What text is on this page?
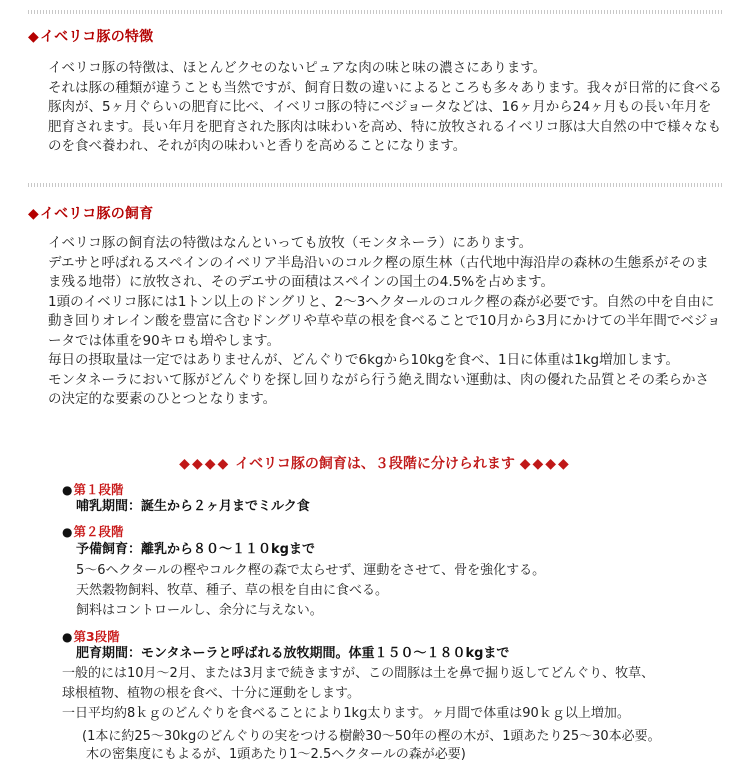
◆イベリコ豚の特徴

イベリコ豚の特徴は、ほとんどクセのないピュアな肉の味と味の濃さにあります。

それは豚の種類が違うことも当然ですが、飼育日数の違いによるところも多々あります。我々が日常的に食べる豚肉が、5ヶ月ぐらいの肥育に比べ、イベリコ豚の特にベジョータなどは、16ヶ月から24ヶ月もの長い年月を肥育されます。長い年月を肥育された豚肉は味わいを高め、特に放牧されるイベリコ豚は大自然の中で様々なものを食べ養われ、それが肉の味わいと香りを高めることになります。

◆イベリコ豚の飼育

イベリコ豚の飼育法の特徴はなんといっても放牧（モンタネーラ）にあります。

デエサと呼ばれるスペインのイベリア半島沿いのコルク樫の原生林（古代地中海沿岸の森林の生態系がそのまま残る地帯）に放牧され、そのデエサの面積はスペインの国土の4.5%を占めます。

1頭のイベリコ豚には1トン以上のドングリと、2〜3ヘクタールのコルク樫の森が必要です。自然の中を自由に動き回りオレイン酸を豊富に含むドングリや草や草の根を食べることで10月から3月にかけての半年間でベジョータでは体重を90キロも増やします。

毎日の摂取量は一定ではありませんが、どんぐりで6kgから10kgを食べ、1日に体重は1kg増加します。

モンタネーラにおいて豚がどんぐりを探し回りながら行う絶え間ない運動は、肉の優れた品質とその柔らかさの決定的な要素のひとつとなります。

◆◆◆◆ イベリコ豚の飼育は、３段階に分けられます ◆◆◆◆
●第１段階

哺乳期間：誕生から２ヶ月までミルク食

●第２段階

予備飼育：離乳から８０〜１１０kgまで

5〜6ヘクタールの樫やコルク樫の森で太らせず、運動をさせて、骨を強化する。

天然穀物飼料、牧草、種子、草の根を自由に食べる。

飼料はコントロールし、余分に与えない。

●第3段階

肥育期間：モンタネーラと呼ばれる放牧期間。体重１５０〜１８０kgまで

一般的には10月〜2月、または3月まで続きますが、この間豚は土を鼻で掘り返してどんぐり、牧草、

球根植物、植物の根を食べ、十分に運動をします。

一日平均約8ｋｇのどんぐりを食べることにより1kg太ります。ヶ月間で体重は90ｋｇ以上増加。

(1本に約25〜30kgのどんぐりの実をつける樹齢30〜50年の樫の木が、1頭あたり25〜30本必要。

木の密集度にもよるが、1頭あたり1〜2.5ヘクタールの森が必要)
